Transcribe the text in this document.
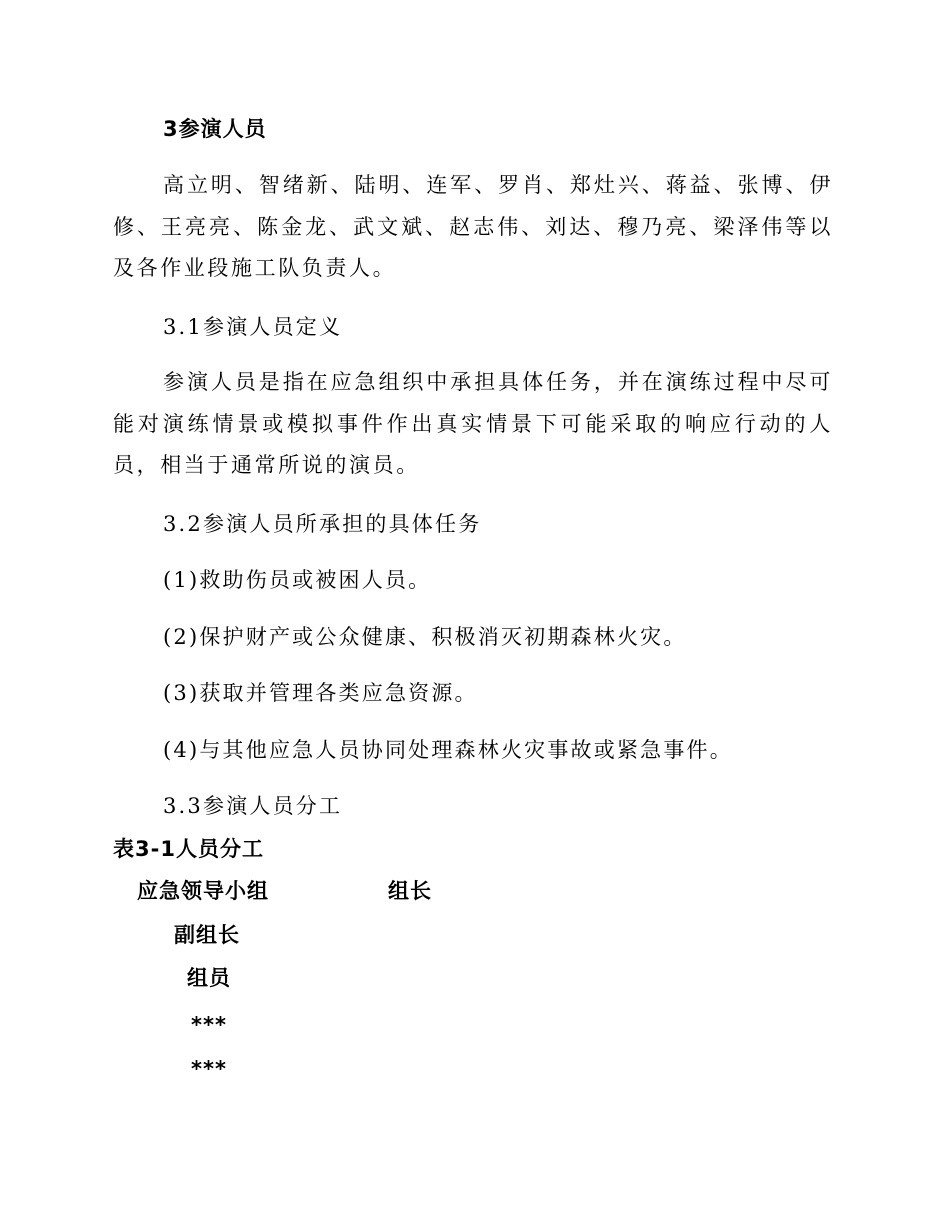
3参演人员
高立明、智绪新、陆明、连军、罗肖、郑灶兴、蒋益、张博、伊修、王亮亮、陈金龙、武文斌、赵志伟、刘达、穆乃亮、梁泽伟等以及各作业段施工队负责人。
3.1参演人员定义
参演人员是指在应急组织中承担具体任务，并在演练过程中尽可能对演练情景或模拟事件作出真实情景下可能采取的响应行动的人员，相当于通常所说的演员。
3.2参演人员所承担的具体任务
(1)救助伤员或被困人员。
(2)保护财产或公众健康、积极消灭初期森林火灾。
(3)获取并管理各类应急资源。
(4)与其他应急人员协同处理森林火灾事故或紧急事件。
3.3参演人员分工
表3-1人员分工
应急领导小组	组长
副组长
组员
***
***
